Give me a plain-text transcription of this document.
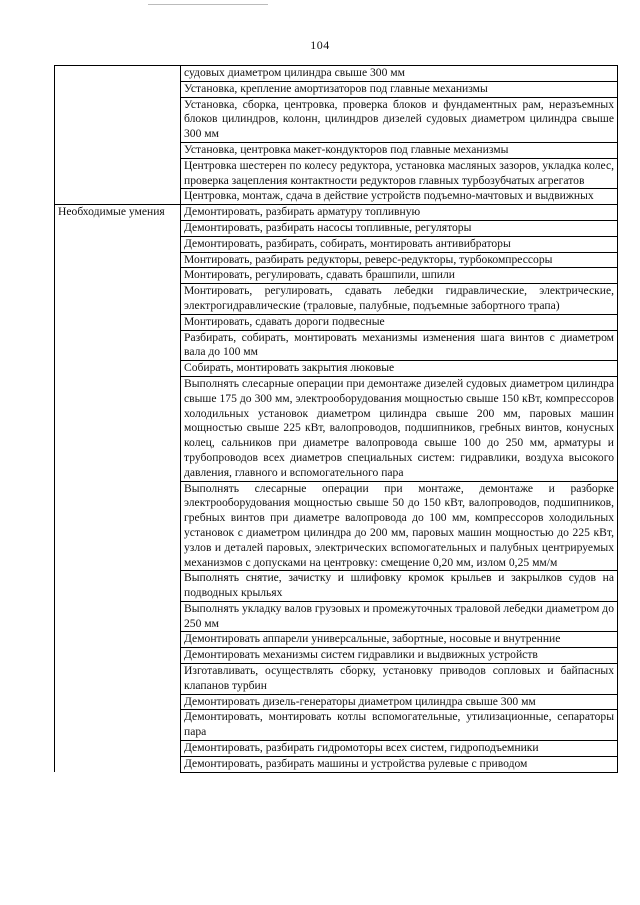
104
	судовых диаметром цилиндра свыше 300 мм
	Установка, крепление амортизаторов под главные механизмы
	Установка, сборка, центровка, проверка блоков и фундаментных рам, неразъемных блоков цилиндров, колонн, цилиндров дизелей судовых диаметром цилиндра свыше 300 мм
	Установка, центровка макет-кондукторов под главные механизмы
	Центровка шестерен по колесу редуктора, установка масляных зазоров, укладка колес, проверка зацепления контактности редукторов главных турбозубчатых агрегатов
	Центровка, монтаж, сдача в действие устройств подъемно-мачтовых и выдвижных
Необходимые умения	Демонтировать, разбирать арматуру топливную
	Демонтировать, разбирать насосы топливные, регуляторы
	Демонтировать, разбирать, собирать, монтировать антивибраторы
	Монтировать, разбирать редукторы, реверс-редукторы, турбокомпрессоры
	Монтировать, регулировать, сдавать брашпили, шпили
	Монтировать, регулировать, сдавать лебедки гидравлические, электрические, электрогидравлические (траловые, палубные, подъемные забортного трапа)
	Монтировать, сдавать дороги подвесные
	Разбирать, собирать, монтировать механизмы изменения шага винтов с диаметром вала до 100 мм
	Собирать, монтировать закрытия люковые
	Выполнять слесарные операции при демонтаже дизелей судовых диаметром цилиндра свыше 175 до 300 мм, электрооборудования мощностью свыше 150 кВт, компрессоров холодильных установок диаметром цилиндра свыше 200 мм, паровых машин мощностью свыше 225 кВт, валопроводов, подшипников, гребных винтов, конусных колец, сальников при диаметре валопровода свыше 100 до 250 мм, арматуры и трубопроводов всех диаметров специальных систем: гидравлики, воздуха высокого давления, главного и вспомогательного пара
	Выполнять слесарные операции при монтаже, демонтаже и разборке электрооборудования мощностью свыше 50 до 150 кВт, валопроводов, подшипников, гребных винтов при диаметре валопровода до 100 мм, компрессоров холодильных установок с диаметром цилиндра до 200 мм, паровых машин мощностью до 225 кВт, узлов и деталей паровых, электрических вспомогательных и палубных центрируемых механизмов с допусками на центровку: смещение 0,20 мм, излом 0,25 мм/м
	Выполнять снятие, зачистку и шлифовку кромок крыльев и закрылков судов на подводных крыльях
	Выполнять укладку валов грузовых и промежуточных траловой лебедки диаметром до 250 мм
	Демонтировать аппарели универсальные, забортные, носовые и внутренние
	Демонтировать механизмы систем гидравлики и выдвижных устройств
	Изготавливать, осуществлять сборку, установку приводов сопловых и байпасных клапанов турбин
	Демонтировать дизель-генераторы диаметром цилиндра свыше 300 мм
	Демонтировать, монтировать котлы вспомогательные, утилизационные, сепараторы пара
	Демонтировать, разбирать гидромоторы всех систем, гидроподъемники
	Демонтировать, разбирать машины и устройства рулевые с приводом
